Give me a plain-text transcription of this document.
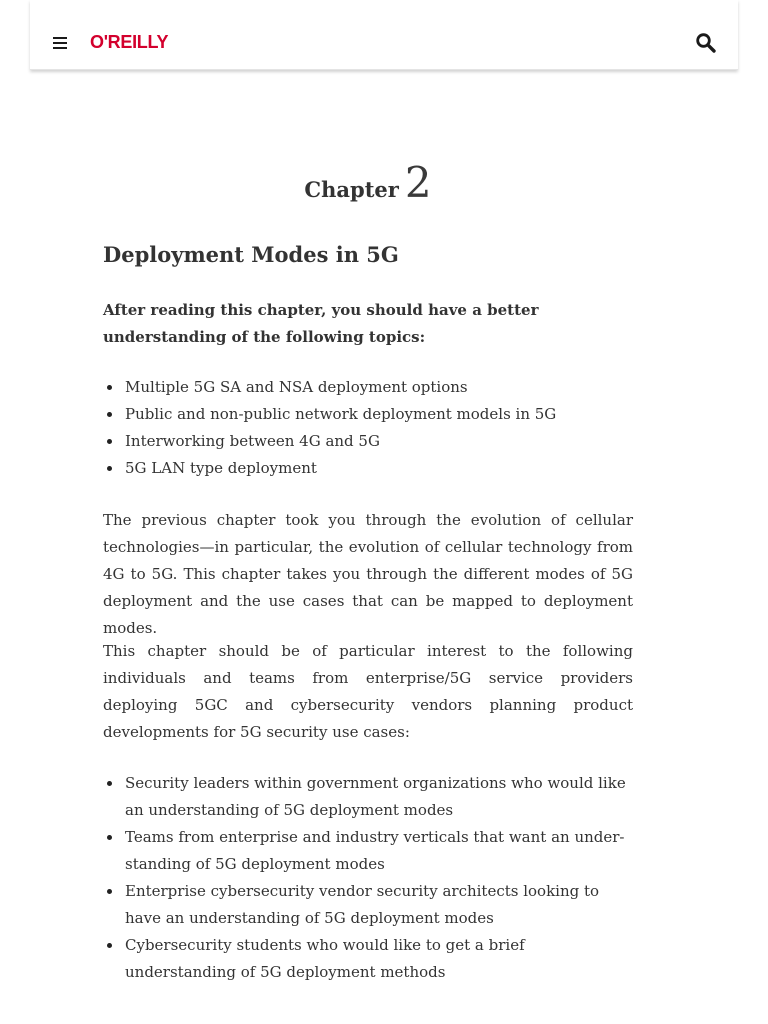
O'REILLY
Chapter 2
Deployment Modes in 5G

After reading this chapter, you should have a better understanding of the following topics:

Multiple 5G SA and NSA deployment options
Public and non-public network deployment models in 5G
Interworking between 4G and 5G
5G LAN type deployment

The previous chapter took you through the evolution of cellular technologies—in particular, the evolution of cellular technology from 4G to 5G. This chapter takes you through the different modes of 5G deployment and the use cases that can be mapped to deployment modes.

This chapter should be of particular interest to the following individuals and teams from enterprise/5G service providers deploying 5GC and cybersecurity vendors planning product developments for 5G security use cases:

Security leaders within government organizations who would like an understanding of 5G deployment modes
Teams from enterprise and industry verticals that want an understanding of 5G deployment modes
Enterprise cybersecurity vendor security architects looking to have an understanding of 5G deployment modes
Cybersecurity students who would like to get a brief understanding of 5G deployment methods
